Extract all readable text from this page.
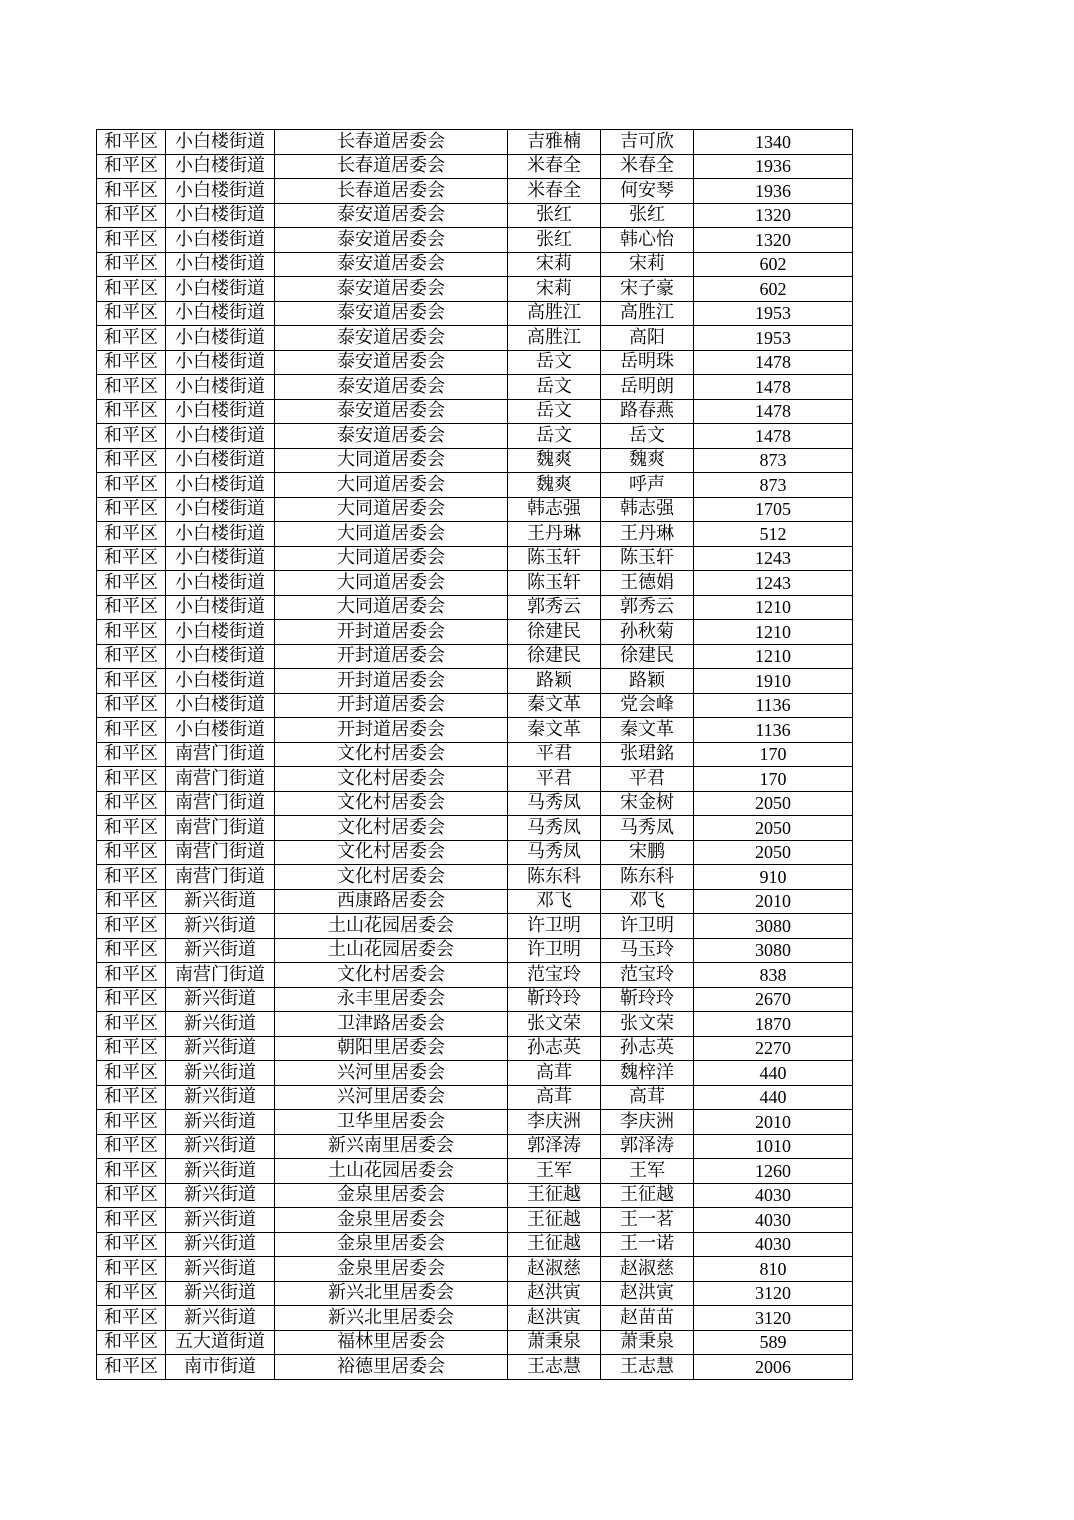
和平区	小白楼街道	长春道居委会	吉雅楠	吉可欣	1340
和平区	小白楼街道	长春道居委会	米春全	米春全	1936
和平区	小白楼街道	长春道居委会	米春全	何安琴	1936
和平区	小白楼街道	泰安道居委会	张红	张红	1320
和平区	小白楼街道	泰安道居委会	张红	韩心怡	1320
和平区	小白楼街道	泰安道居委会	宋莉	宋莉	602
和平区	小白楼街道	泰安道居委会	宋莉	宋子豪	602
和平区	小白楼街道	泰安道居委会	高胜江	高胜江	1953
和平区	小白楼街道	泰安道居委会	高胜江	高阳	1953
和平区	小白楼街道	泰安道居委会	岳文	岳明珠	1478
和平区	小白楼街道	泰安道居委会	岳文	岳明朗	1478
和平区	小白楼街道	泰安道居委会	岳文	路春燕	1478
和平区	小白楼街道	泰安道居委会	岳文	岳文	1478
和平区	小白楼街道	大同道居委会	魏爽	魏爽	873
和平区	小白楼街道	大同道居委会	魏爽	呼声	873
和平区	小白楼街道	大同道居委会	韩志强	韩志强	1705
和平区	小白楼街道	大同道居委会	王丹琳	王丹琳	512
和平区	小白楼街道	大同道居委会	陈玉轩	陈玉轩	1243
和平区	小白楼街道	大同道居委会	陈玉轩	王德娟	1243
和平区	小白楼街道	大同道居委会	郭秀云	郭秀云	1210
和平区	小白楼街道	开封道居委会	徐建民	孙秋菊	1210
和平区	小白楼街道	开封道居委会	徐建民	徐建民	1210
和平区	小白楼街道	开封道居委会	路颖	路颖	1910
和平区	小白楼街道	开封道居委会	秦文革	党会峰	1136
和平区	小白楼街道	开封道居委会	秦文革	秦文革	1136
和平区	南营门街道	文化村居委会	平君	张珺銘	170
和平区	南营门街道	文化村居委会	平君	平君	170
和平区	南营门街道	文化村居委会	马秀凤	宋金树	2050
和平区	南营门街道	文化村居委会	马秀凤	马秀凤	2050
和平区	南营门街道	文化村居委会	马秀凤	宋鹏	2050
和平区	南营门街道	文化村居委会	陈东科	陈东科	910
和平区	新兴街道	西康路居委会	邓飞	邓飞	2010
和平区	新兴街道	土山花园居委会	许卫明	许卫明	3080
和平区	新兴街道	土山花园居委会	许卫明	马玉玲	3080
和平区	南营门街道	文化村居委会	范宝玲	范宝玲	838
和平区	新兴街道	永丰里居委会	靳玲玲	靳玲玲	2670
和平区	新兴街道	卫津路居委会	张文荣	张文荣	1870
和平区	新兴街道	朝阳里居委会	孙志英	孙志英	2270
和平区	新兴街道	兴河里居委会	高茸	魏梓洋	440
和平区	新兴街道	兴河里居委会	高茸	高茸	440
和平区	新兴街道	卫华里居委会	李庆洲	李庆洲	2010
和平区	新兴街道	新兴南里居委会	郭泽涛	郭泽涛	1010
和平区	新兴街道	土山花园居委会	王军	王军	1260
和平区	新兴街道	金泉里居委会	王征越	王征越	4030
和平区	新兴街道	金泉里居委会	王征越	王一茗	4030
和平区	新兴街道	金泉里居委会	王征越	王一诺	4030
和平区	新兴街道	金泉里居委会	赵淑慈	赵淑慈	810
和平区	新兴街道	新兴北里居委会	赵洪寅	赵洪寅	3120
和平区	新兴街道	新兴北里居委会	赵洪寅	赵苗苗	3120
和平区	五大道街道	福林里居委会	萧秉泉	萧秉泉	589
和平区	南市街道	裕德里居委会	王志慧	王志慧	2006
